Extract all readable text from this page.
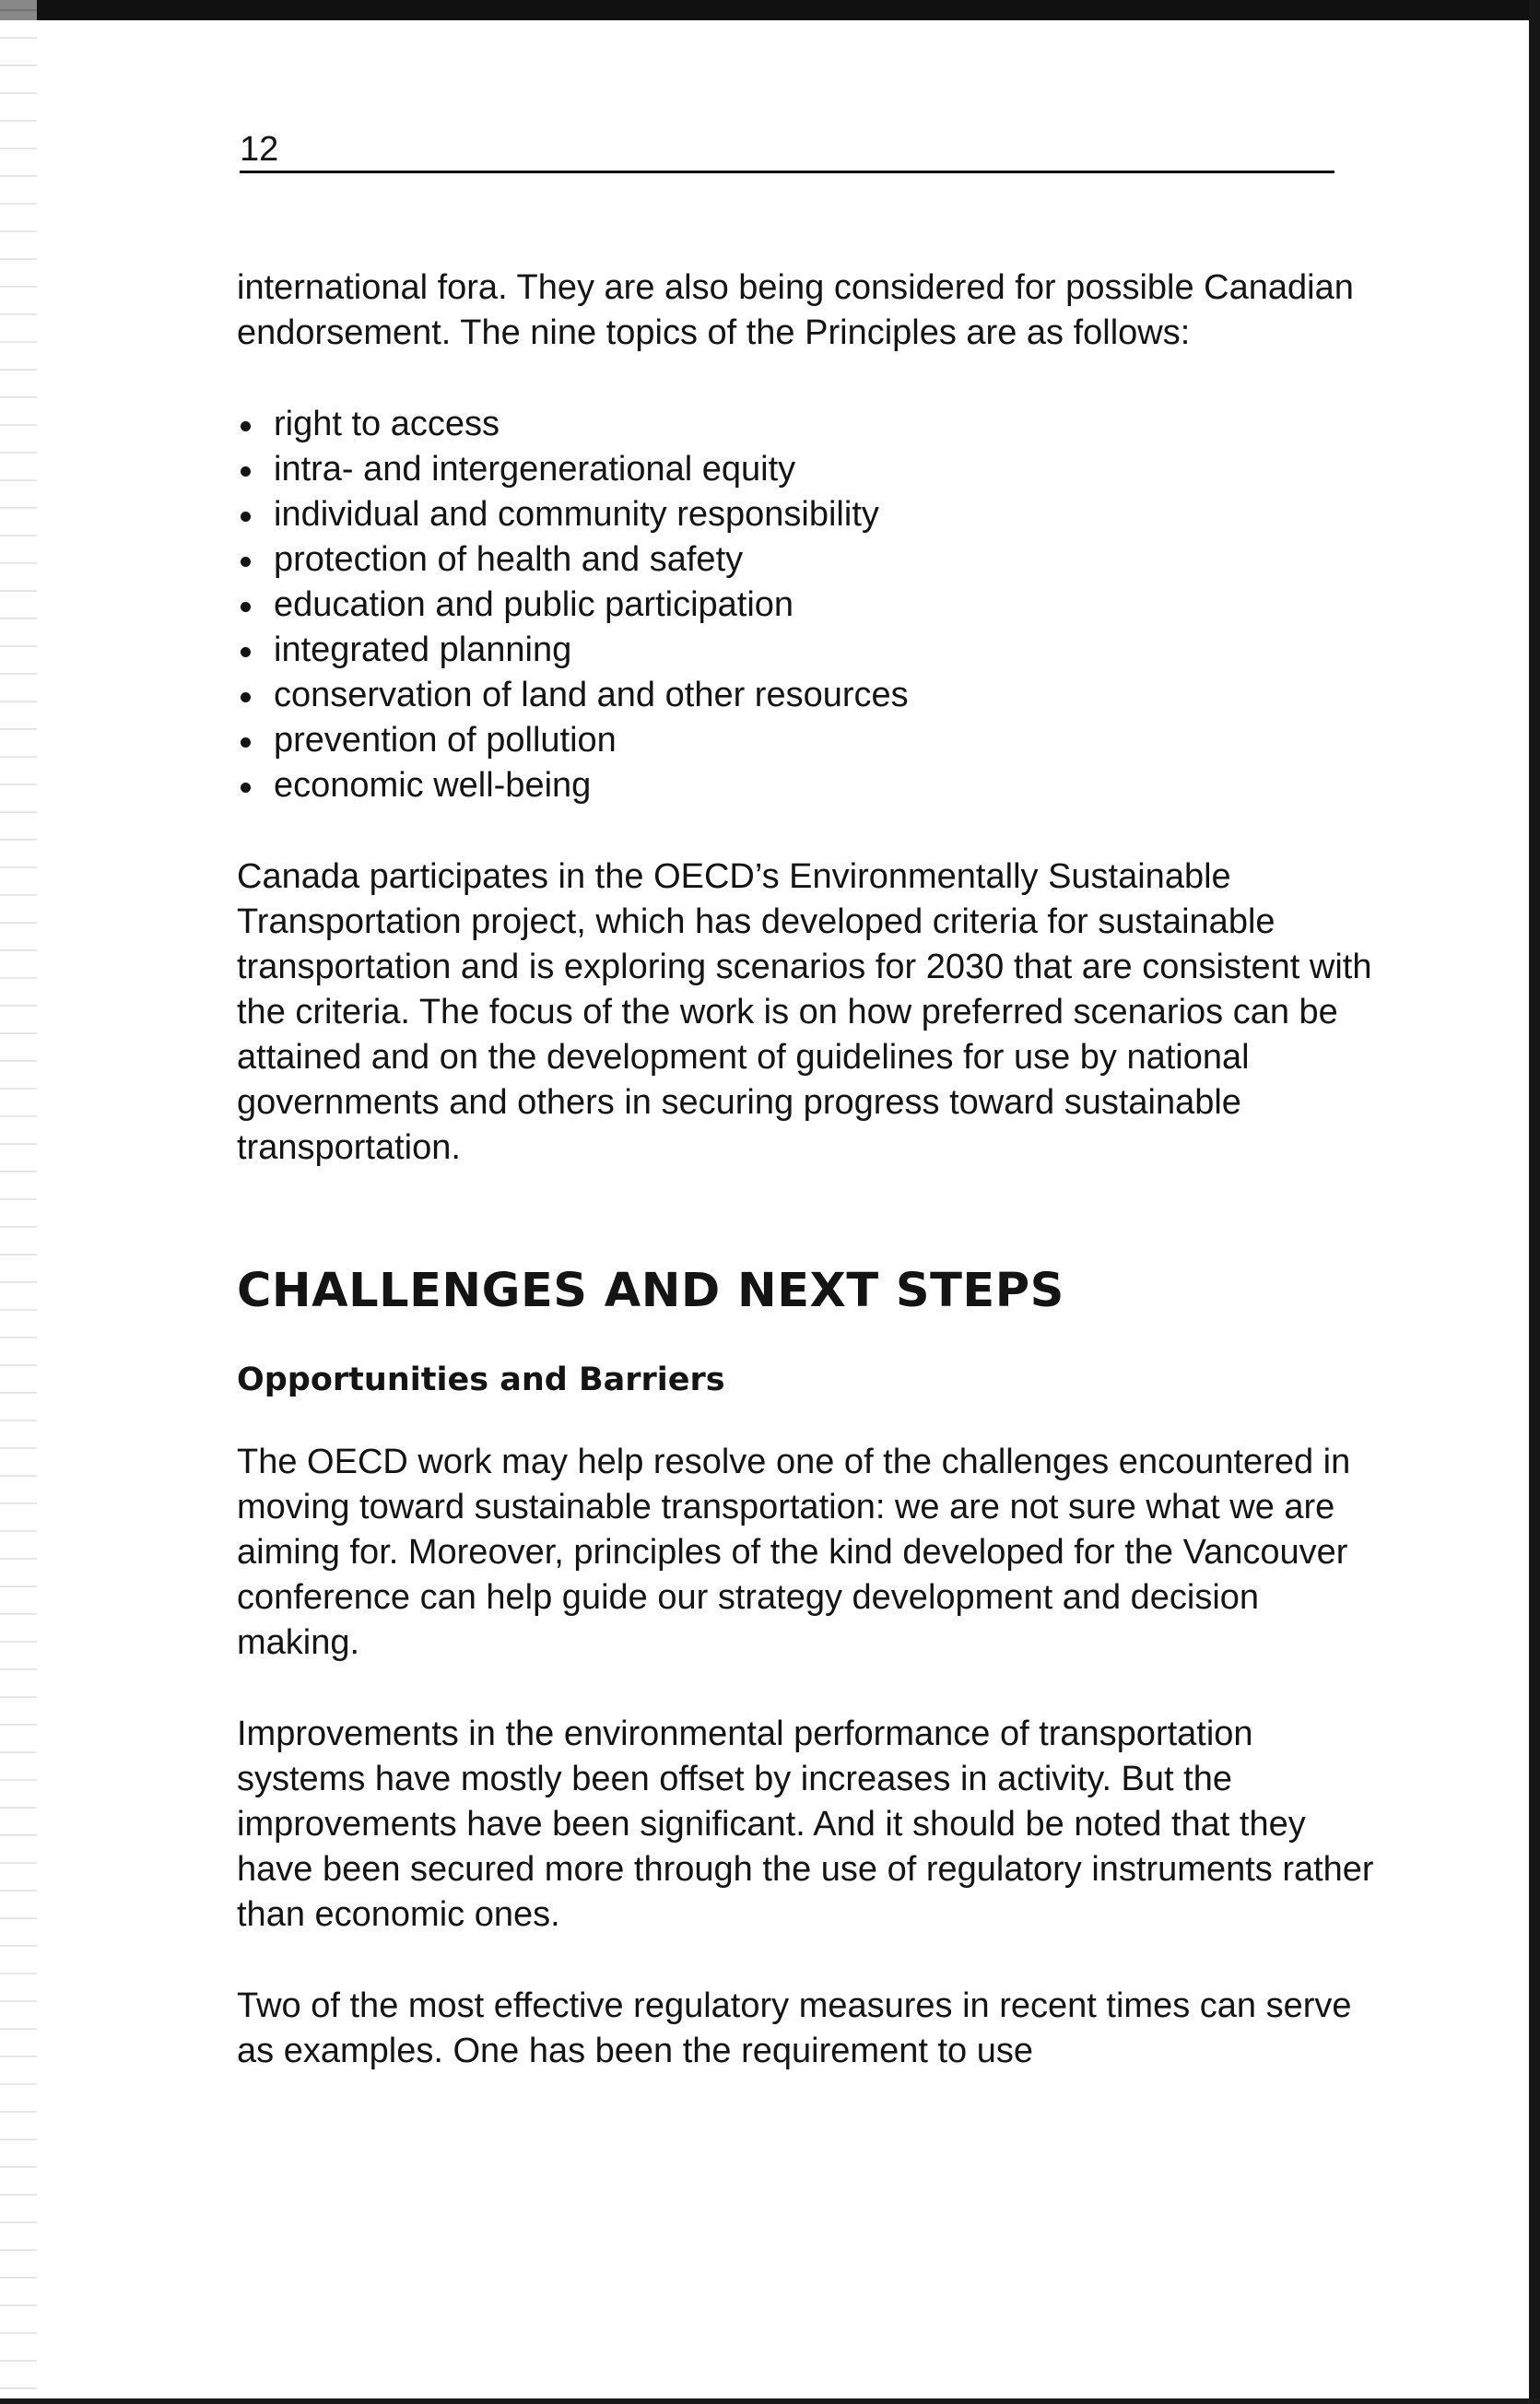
12

international fora. They are also being considered for possible Canadian endorsement. The nine topics of the Principles are as follows:

right to access
intra- and intergenerational equity
individual and community responsibility
protection of health and safety
education and public participation
integrated planning
conservation of land and other resources
prevention of pollution
economic well-being

Canada participates in the OECD’s Environmentally Sustainable Transportation project, which has developed criteria for sustainable transportation and is exploring scenarios for 2030 that are consistent with the criteria. The focus of the work is on how preferred scenarios can be attained and on the development of guidelines for use by national governments and others in securing progress toward sustainable transportation.

CHALLENGES AND NEXT STEPS
Opportunities and Barriers

The OECD work may help resolve one of the challenges encountered in moving toward sustainable transportation: we are not sure what we are aiming for. Moreover, principles of the kind developed for the Vancouver conference can help guide our strategy development and decision making.

Improvements in the environmental performance of transportation systems have mostly been offset by increases in activity. But the improvements have been significant. And it should be noted that they have been secured more through the use of regulatory instruments rather than economic ones.

Two of the most effective regulatory measures in recent times can serve as examples. One has been the requirement to use
